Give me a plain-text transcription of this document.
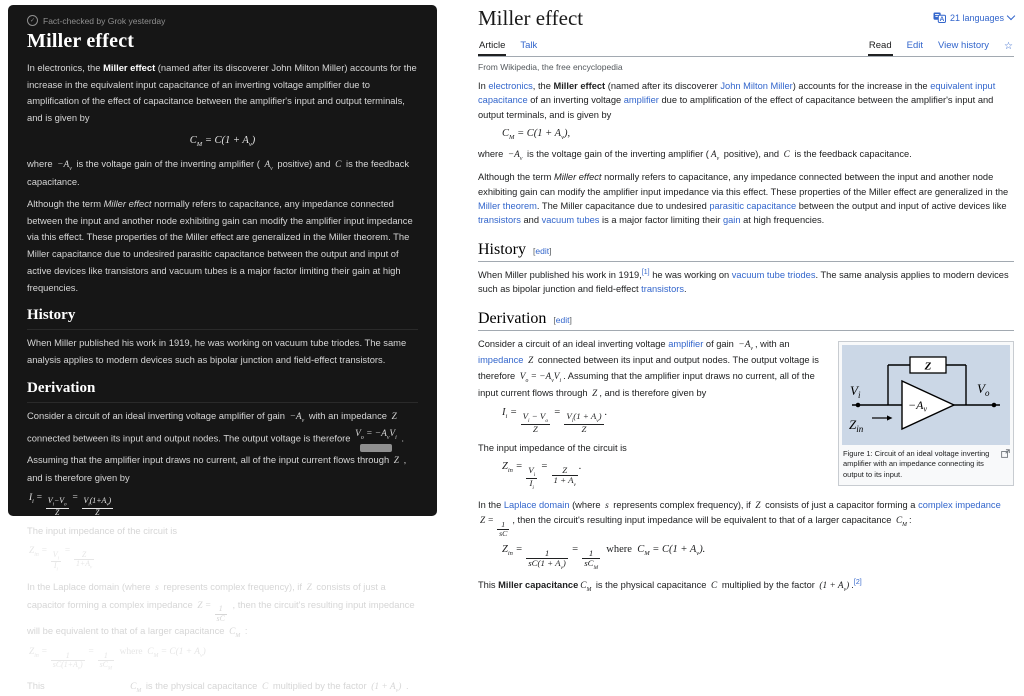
✓ Fact-checked by Grok yesterday
Miller effect

In electronics, the Miller effect (named after its discoverer John Milton Miller) accounts for the increase in the equivalent input capacitance of an inverting voltage amplifier due to amplification of the effect of capacitance between the amplifier's input and output terminals, and is given by

$C_M = C(1 + A_v)$

where $-A_v$ is the voltage gain of the inverting amplifier ( $A_v$ positive) and C is the feedback capacitance.

Although the term Miller effect normally refers to capacitance, any impedance connected between the input and another node exhibiting gain can modify the amplifier input impedance via this effect. These properties of the Miller effect are generalized in the Miller theorem. The Miller capacitance due to undesired parasitic capacitance between the output and input of active devices like transistors and vacuum tubes is a major factor limiting their gain at high frequencies.

History

When Miller published his work in 1919, he was working on vacuum tube triodes. The same analysis applies to modern devices such as bipolar junction and field-effect transistors.

Derivation

Consider a circuit of an ideal inverting voltage amplifier of gain $-A_v$ with an impedance Z connected between its input and output nodes. The output voltage is therefore $V_o = -A_vV_i$ . Assuming that the amplifier input draws no current, all of the input current flows through Z , and is therefore given by

$I_i = \frac{V_i-V_o}{Z} = \frac{V_i(1+A_v)}{Z}$

The input impedance of the circuit is

$Z_{in} = \frac{V_i}{I_i} = \frac{Z}{1+A_v}$

In the Laplace domain (where s represents complex frequency), if Z consists of just a capacitor forming a complex impedance $Z = \frac{1}{sC}$
, then the circuit's resulting input impedance will be equivalent to that of a larger capacitance $C_M$ :

$Z_{in} = \frac{1}{sC(1+A_v)} = \frac{1}{sC_M}$ where  $C_M = C(1 + A_v)$

This Miller capacitance $C_M$ is the physical capacitance C multiplied by the factor $(1 + A_v)$ .

Miller effect	A 21 languages
Article Talk	Read Edit View history ☆
From Wikipedia, the free encyclopedia

In electronics, the Miller effect (named after its discoverer John Milton Miller) accounts for the increase in the equivalent input capacitance of an inverting voltage amplifier due to amplification of the effect of capacitance between the amplifier's input and output terminals, and is given by

$C_M = C(1 + A_v)$,

where $-A_v$ is the voltage gain of the inverting amplifier ( $A_v$ positive), and C is the feedback capacitance.

Although the term Miller effect normally refers to capacitance, any impedance connected between the input and another node exhibiting gain can modify the amplifier input impedance via this effect. These properties of the Miller effect are generalized in the Miller theorem. The Miller capacitance due to undesired parasitic capacitance between the output and input of active devices like transistors and vacuum tubes is a major factor limiting their gain at high frequencies.

History [edit]

When Miller published his work in 1919,[1] he was working on vacuum tube triodes. The same analysis applies to modern devices such as bipolar junction and field-effect transistors.

Derivation [edit]
Z
$-A_v$
$V_i$	$V_o$
$Z_{in}$
Figure 1: Circuit of an ideal voltage inverting amplifier with an impedance connecting its output to its input.

Consider a circuit of an ideal inverting voltage amplifier of gain $-A_v$ , with an impedance Z connected between its input and output nodes. The output voltage is therefore $V_o = -A_vV_i$ . Assuming that the amplifier input draws no current, all of the input current flows through Z , and is therefore given by

$I_i = \frac{V_i - V_o}{Z} = \frac{V_i(1 + A_v)}{Z}$ .

The input impedance of the circuit is

$Z_{in} = \frac{V_i}{I_i} = \frac{Z}{1 + A_v}$ .

In the Laplace domain (where s represents complex frequency), if Z consists of just a capacitor forming a complex impedance $Z = \frac{1}{sC}$
, then the circuit's resulting input impedance will be equivalent to that of a larger capacitance $C_M$ :

$Z_{in} = \frac{1}{sC(1 + A_v)} = \frac{1}{sC_M}$ where  $C_M = C(1 + A_v)$.

This Miller capacitance $C_M$ is the physical capacitance C multiplied by the factor $(1 + A_v)$ .[2]
